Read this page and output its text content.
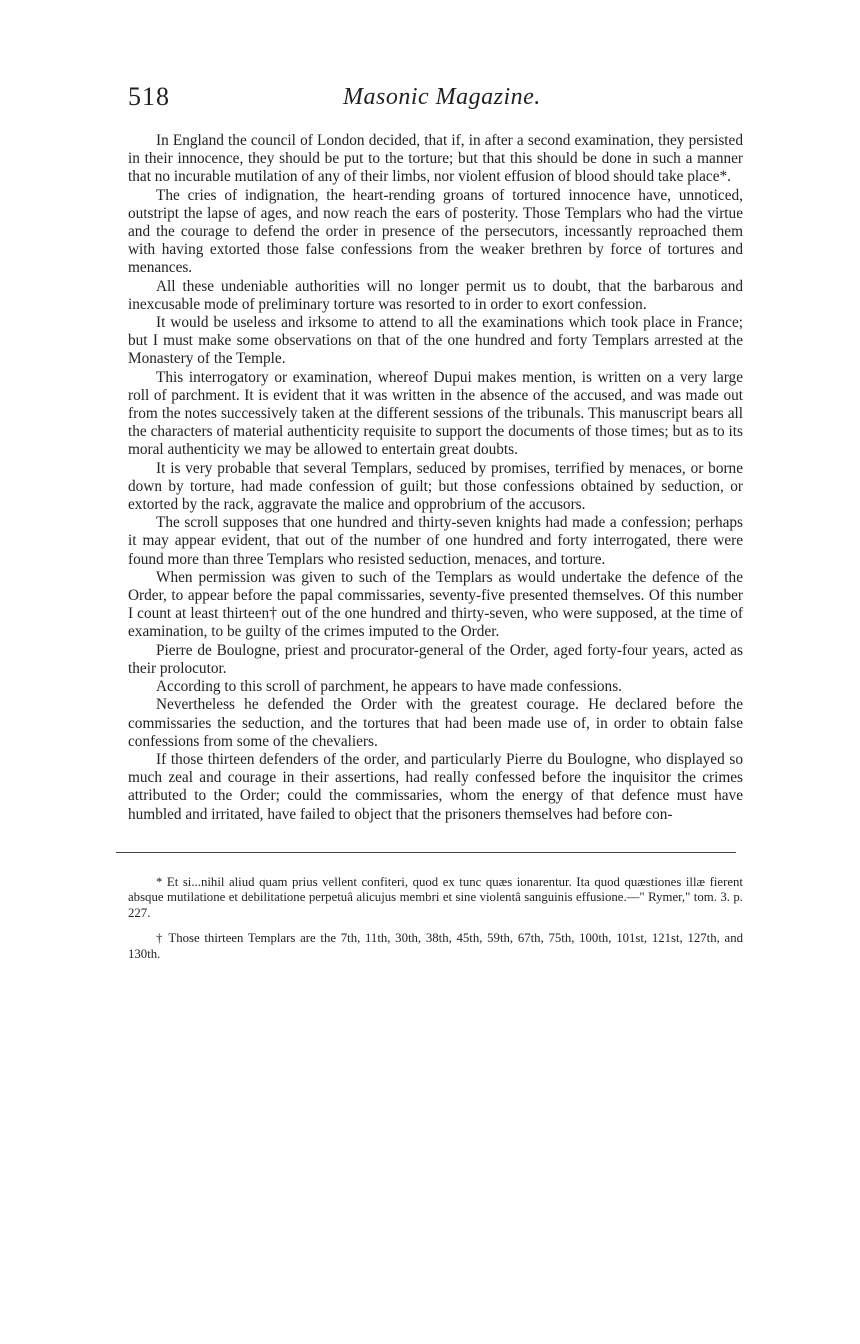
518	Masonic Magazine.

In England the council of London decided, that if, in after a second examination, they persisted in their innocence, they should be put to the torture; but that this should be done in such a manner that no incurable mutilation of any of their limbs, nor violent effusion of blood should take place*.

The cries of indignation, the heart-rending groans of tortured innocence have, unnoticed, outstript the lapse of ages, and now reach the ears of posterity. Those Templars who had the virtue and the courage to defend the order in presence of the persecutors, incessantly reproached them with having extorted those false confessions from the weaker brethren by force of tortures and menances.

All these undeniable authorities will no longer permit us to doubt, that the barbarous and inexcusable mode of preliminary torture was resorted to in order to exort confession.

It would be useless and irksome to attend to all the examinations which took place in France; but I must make some observations on that of the one hundred and forty Templars arrested at the Monastery of the Temple.

This interrogatory or examination, whereof Dupui makes mention, is written on a very large roll of parchment. It is evident that it was written in the absence of the accused, and was made out from the notes successively taken at the different sessions of the tribunals. This manuscript bears all the characters of material authenticity requisite to support the documents of those times; but as to its moral authenticity we may be allowed to entertain great doubts.

It is very probable that several Templars, seduced by promises, terrified by menaces, or borne down by torture, had made confession of guilt; but those confessions obtained by seduction, or extorted by the rack, aggravate the malice and opprobrium of the accusors.

The scroll supposes that one hundred and thirty-seven knights had made a confession; perhaps it may appear evident, that out of the number of one hundred and forty interrogated, there were found more than three Templars who resisted seduction, menaces, and torture.

When permission was given to such of the Templars as would undertake the defence of the Order, to appear before the papal commissaries, seventy-five presented themselves. Of this number I count at least thirteen† out of the one hundred and thirty-seven, who were supposed, at the time of examination, to be guilty of the crimes imputed to the Order.

Pierre de Boulogne, priest and procurator-general of the Order, aged forty-four years, acted as their prolocutor.

According to this scroll of parchment, he appears to have made confessions.

Nevertheless he defended the Order with the greatest courage. He declared before the commissaries the seduction, and the tortures that had been made use of, in order to obtain false confessions from some of the chevaliers.

If those thirteen defenders of the order, and particularly Pierre du Boulogne, who displayed so much zeal and courage in their assertions, had really confessed before the inquisitor the crimes attributed to the Order; could the commissaries, whom the energy of that defence must have humbled and irritated, have failed to object that the prisoners themselves had before con-

* Et si...nihil aliud quam prius vellent confiteri, quod ex tunc quæs ionarentur. Ita quod quæstiones illæ fierent absque mutilatione et debilitatione perpetuâ alicujus membri et sine violentâ sanguinis effusione.—" Rymer," tom. 3. p. 227.

† Those thirteen Templars are the 7th, 11th, 30th, 38th, 45th, 59th, 67th, 75th, 100th, 101st, 121st, 127th, and 130th.
